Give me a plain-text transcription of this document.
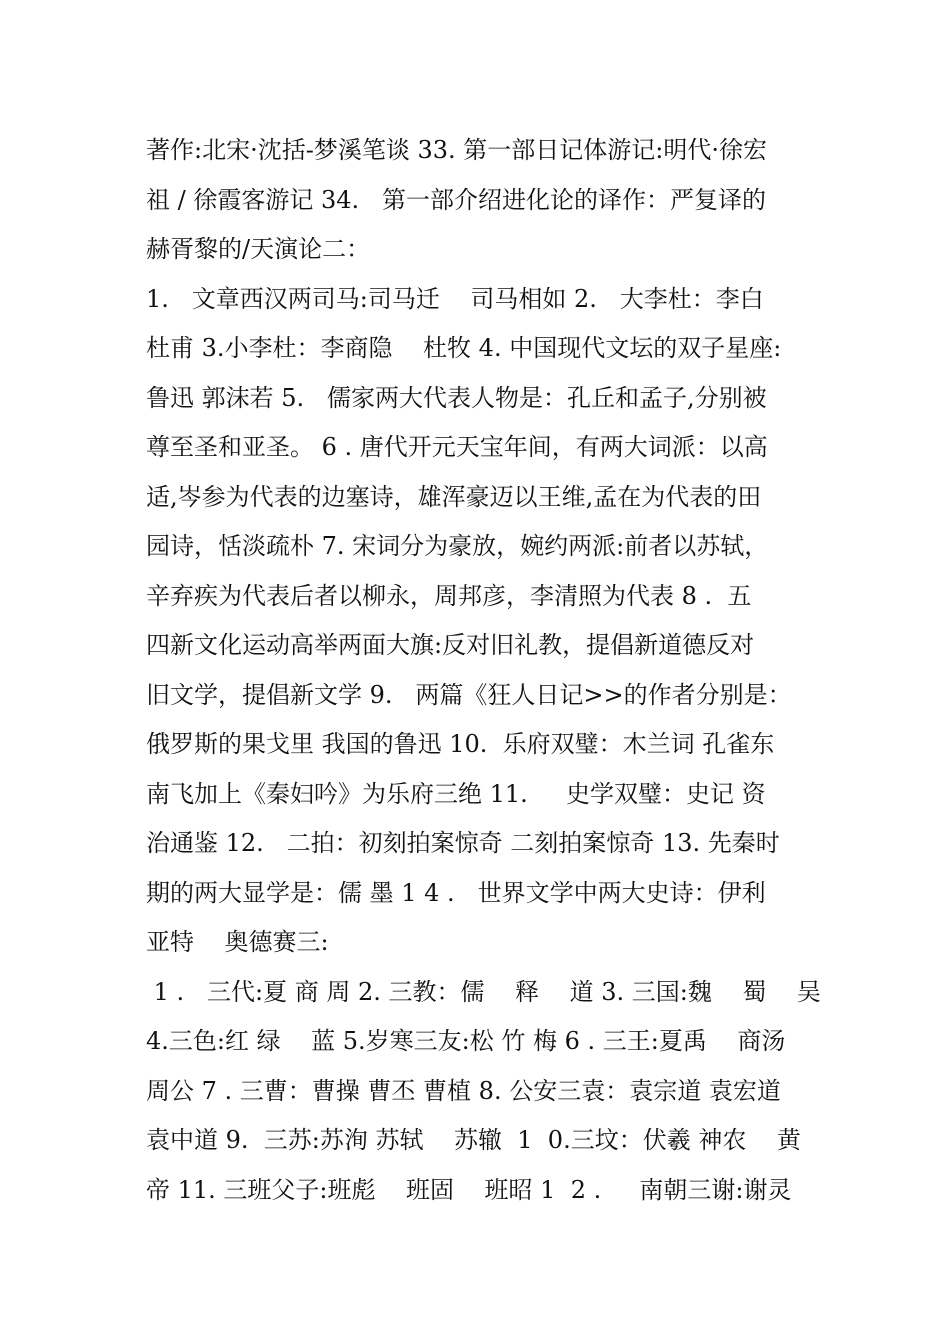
著作:北宋·沈括-梦溪笔谈 33. 第一部日记体游记:明代·徐宏
祖 / 徐霞客游记 34.   第一部介绍进化论的译作：严复译的
赫胥黎的/天演论二：
1.   文章西汉两司马:司马迁    司马相如 2.   大李杜：李白
杜甫 3.小李杜：李商隐    杜牧 4. 中国现代文坛的双子星座:
鲁迅 郭沫若 5.   儒家两大代表人物是：孔丘和孟子,分别被
尊至圣和亚圣。 6 . 唐代开元天宝年间，有两大词派：以高
适,岑参为代表的边塞诗，雄浑豪迈以王维,孟在为代表的田
园诗，恬淡疏朴 7. 宋词分为豪放，婉约两派:前者以苏轼，
辛弃疾为代表后者以柳永，周邦彦，李清照为代表 8 .  五
四新文化运动高举两面大旗:反对旧礼教，提倡新道德反对
旧文学，提倡新文学 9.   两篇《狂人日记>>的作者分别是：
俄罗斯的果戈里 我国的鲁迅 10.  乐府双璧：木兰词 孔雀东
南飞加上《秦妇吟》为乐府三绝 11.     史学双璧：史记 资
治通鉴 12.   二拍：初刻拍案惊奇 二刻拍案惊奇 13. 先秦时
期的两大显学是：儒 墨 1 4 .   世界文学中两大史诗：伊利
亚特    奥德赛三:
1 .   三代:夏 商 周 2. 三教：儒    释    道 3. 三国:魏    蜀    吴
4.三色:红 绿    蓝 5.岁寒三友:松 竹 梅 6 . 三王:夏禹    商汤
周公 7 . 三曹：曹操 曹丕 曹植 8. 公安三袁：袁宗道 袁宏道
袁中道 9.  三苏:苏洵 苏轼    苏辙  1  0.三坟：伏羲 神农    黄
帝 11. 三班父子:班彪    班固    班昭 1  2 .     南朝三谢:谢灵
